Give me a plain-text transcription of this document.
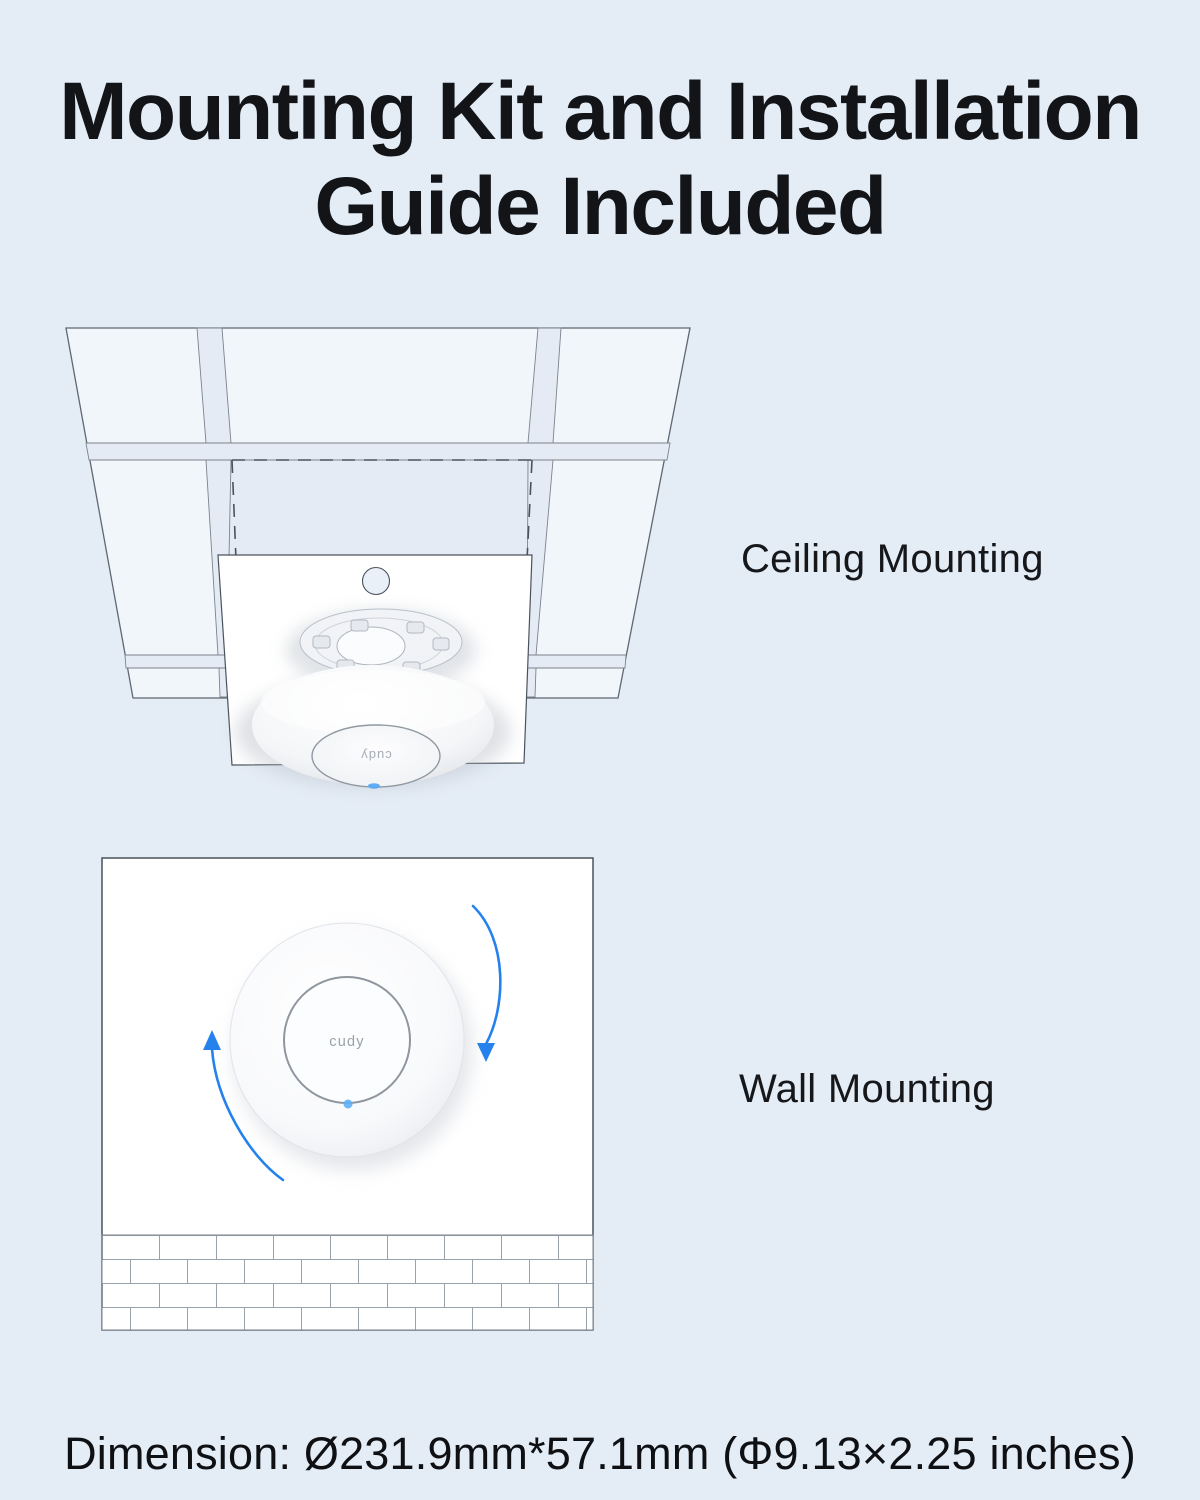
Mounting Kit and Installation
Guide Included
cudy
Ceiling Mounting
cudy
Wall Mounting
Dimension: Ø231.9mm*57.1mm (Φ9.13×2.25 inches)
